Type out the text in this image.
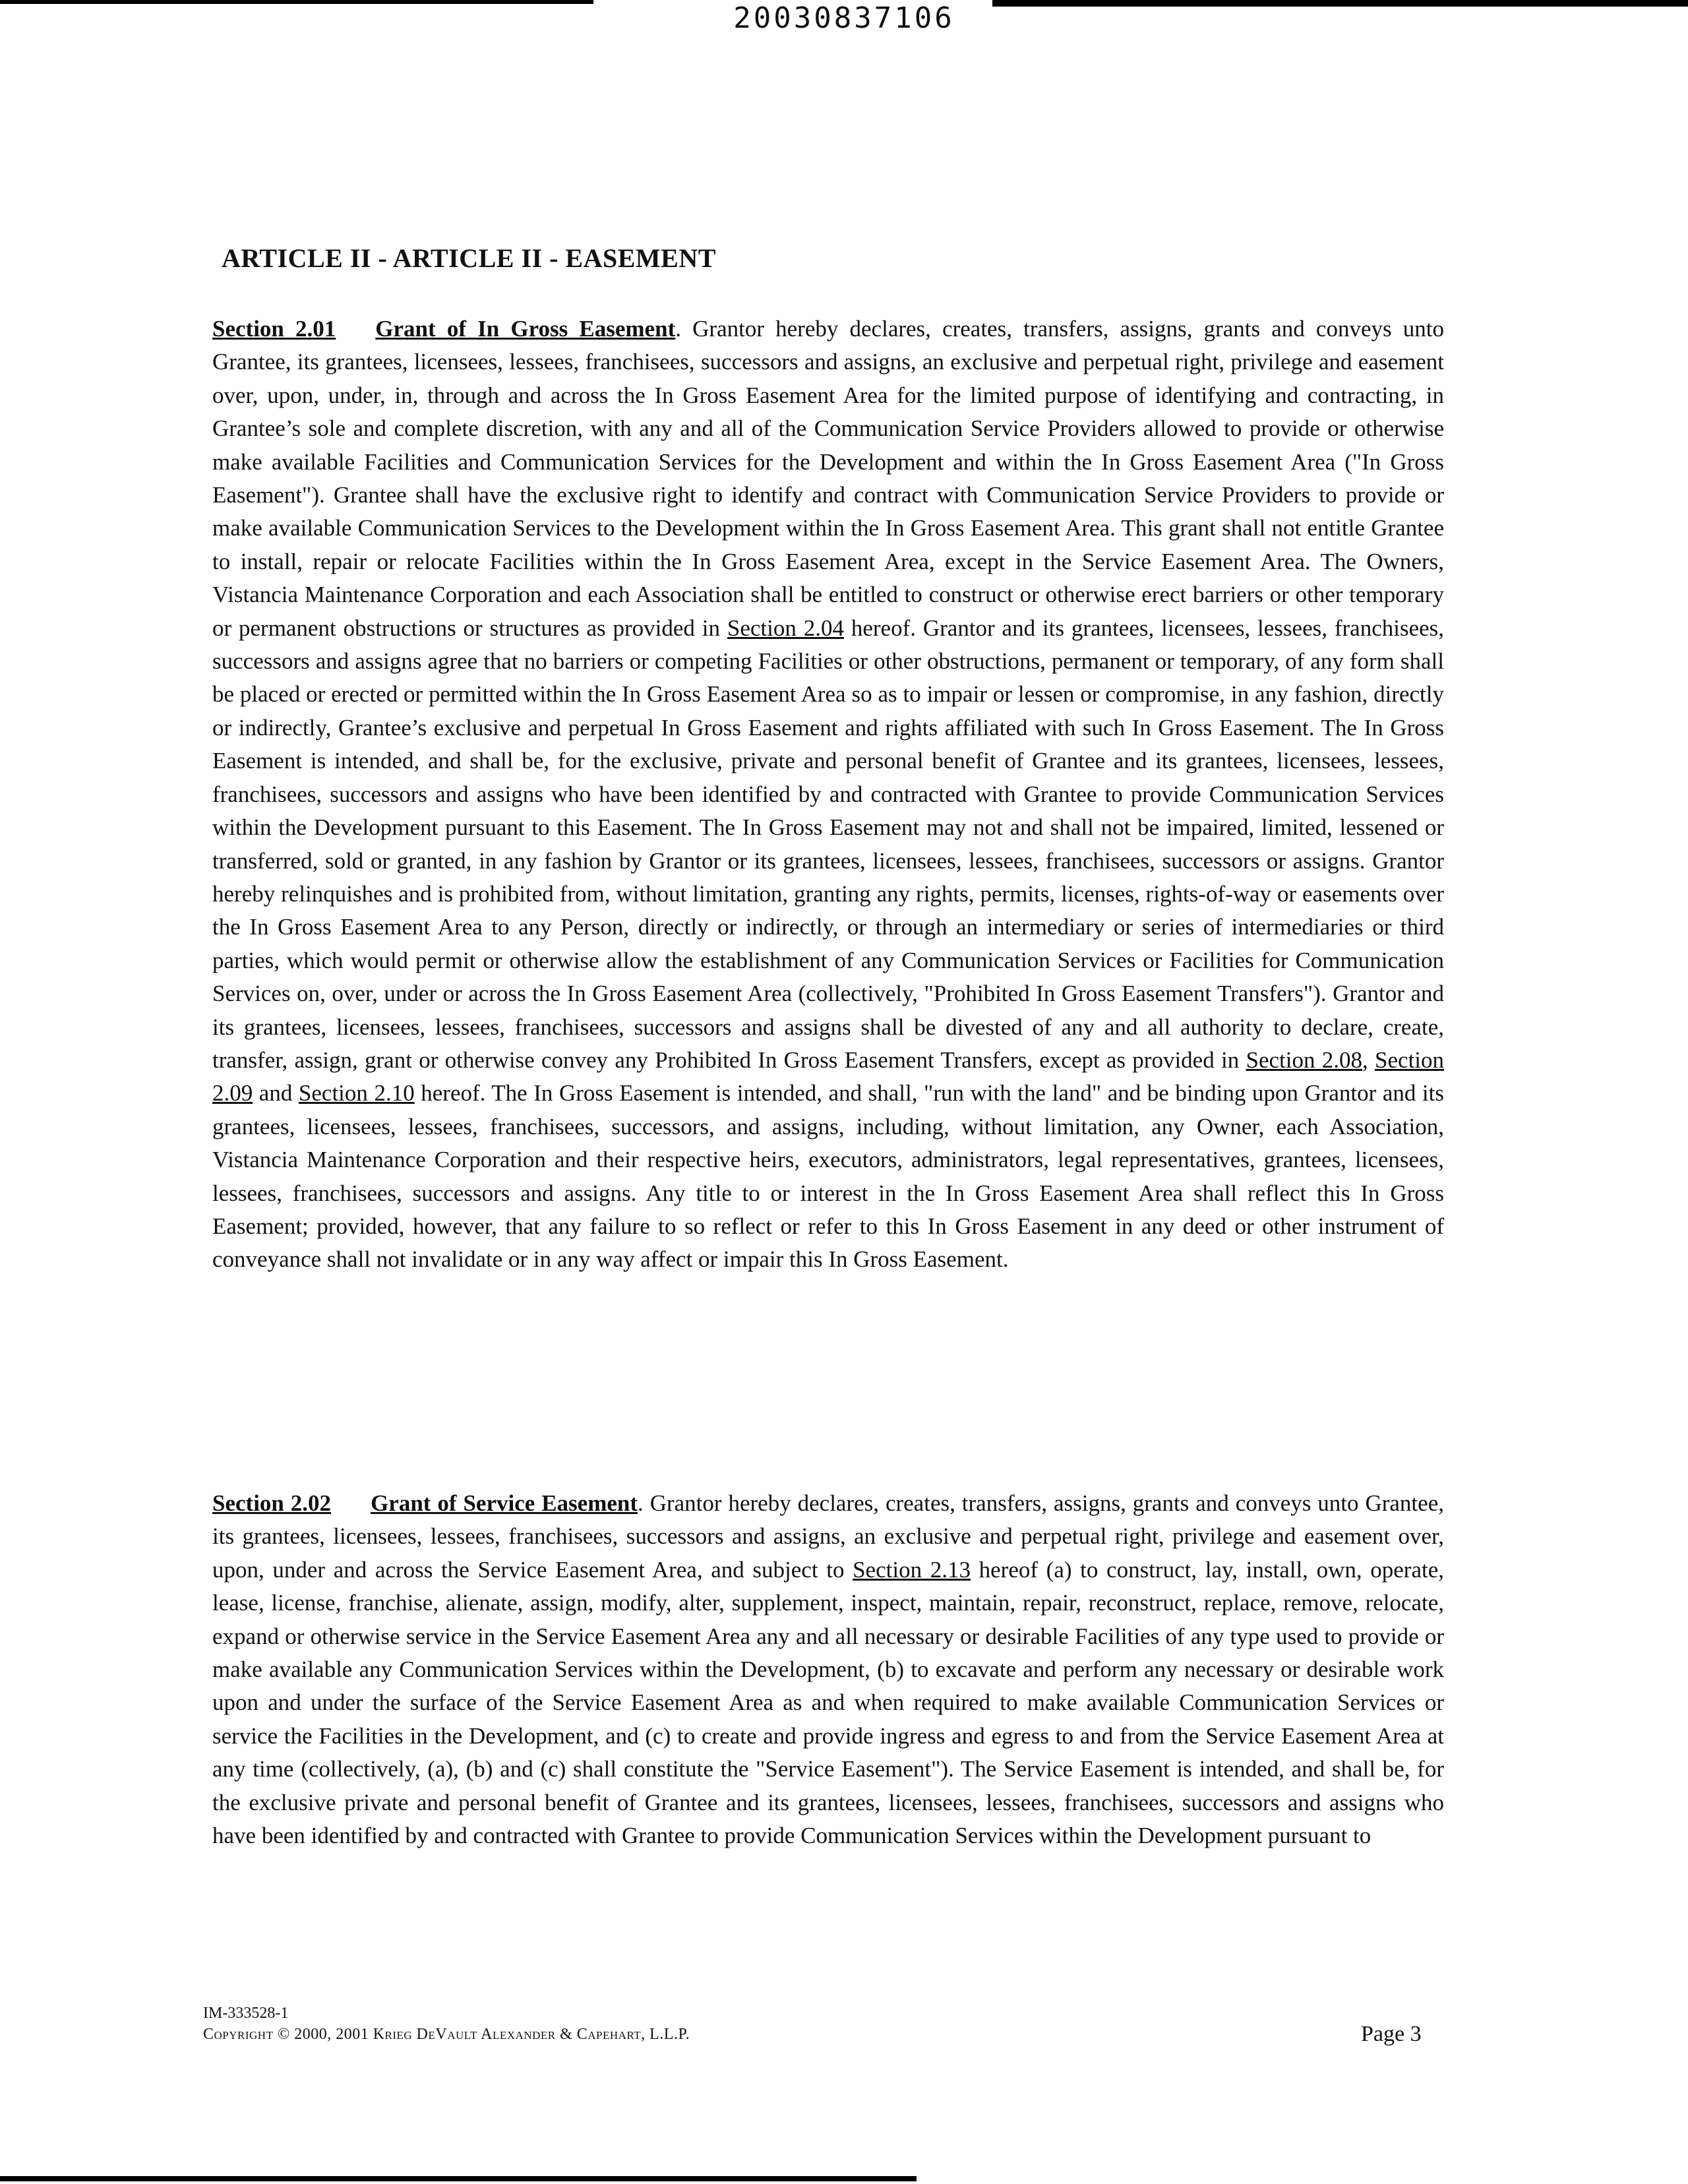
20030837106
ARTICLE II - ARTICLE II - EASEMENT

Section 2.01 Grant of In Gross Easement. Grantor hereby declares, creates, transfers, assigns, grants and conveys unto Grantee, its grantees, licensees, lessees, franchisees, successors and assigns, an exclusive and perpetual right, privilege and easement over, upon, under, in, through and across the In Gross Easement Area for the limited purpose of identifying and contracting, in Grantee’s sole and complete discretion, with any and all of the Communication Service Providers allowed to provide or otherwise make available Facilities and Communication Services for the Development and within the In Gross Easement Area ("In Gross Easement"). Grantee shall have the exclusive right to identify and contract with Communication Service Providers to provide or make available Communication Services to the Development within the In Gross Easement Area. This grant shall not entitle Grantee to install, repair or relocate Facilities within the In Gross Easement Area, except in the Service Easement Area. The Owners, Vistancia Maintenance Corporation and each Association shall be entitled to construct or otherwise erect barriers or other temporary or permanent obstructions or structures as provided in Section 2.04 hereof. Grantor and its grantees, licensees, lessees, franchisees, successors and assigns agree that no barriers or competing Facilities or other obstructions, permanent or temporary, of any form shall be placed or erected or permitted within the In Gross Easement Area so as to impair or lessen or compromise, in any fashion, directly or indirectly, Grantee’s exclusive and perpetual In Gross Easement and rights affiliated with such In Gross Easement. The In Gross Easement is intended, and shall be, for the exclusive, private and personal benefit of Grantee and its grantees, licensees, lessees, franchisees, successors and assigns who have been identified by and contracted with Grantee to provide Communication Services within the Development pursuant to this Easement. The In Gross Easement may not and shall not be impaired, limited, lessened or transferred, sold or granted, in any fashion by Grantor or its grantees, licensees, lessees, franchisees, successors or assigns. Grantor hereby relinquishes and is prohibited from, without limitation, granting any rights, permits, licenses, rights-of-way or easements over the In Gross Easement Area to any Person, directly or indirectly, or through an intermediary or series of intermediaries or third parties, which would permit or otherwise allow the establishment of any Communication Services or Facilities for Communication Services on, over, under or across the In Gross Easement Area (collectively, "Prohibited In Gross Easement Transfers"). Grantor and its grantees, licensees, lessees, franchisees, successors and assigns shall be divested of any and all authority to declare, create, transfer, assign, grant or otherwise convey any Prohibited In Gross Easement Transfers, except as provided in Section 2.08, Section 2.09 and Section 2.10 hereof. The In Gross Easement is intended, and shall, "run with the land" and be binding upon Grantor and its grantees, licensees, lessees, franchisees, successors, and assigns, including, without limitation, any Owner, each Association, Vistancia Maintenance Corporation and their respective heirs, executors, administrators, legal representatives, grantees, licensees, lessees, franchisees, successors and assigns. Any title to or interest in the In Gross Easement Area shall reflect this In Gross Easement; provided, however, that any failure to so reflect or refer to this In Gross Easement in any deed or other instrument of conveyance shall not invalidate or in any way affect or impair this In Gross Easement.

Section 2.02 Grant of Service Easement. Grantor hereby declares, creates, transfers, assigns, grants and conveys unto Grantee, its grantees, licensees, lessees, franchisees, successors and assigns, an exclusive and perpetual right, privilege and easement over, upon, under and across the Service Easement Area, and subject to Section 2.13 hereof (a) to construct, lay, install, own, operate, lease, license, franchise, alienate, assign, modify, alter, supplement, inspect, maintain, repair, reconstruct, replace, remove, relocate, expand or otherwise service in the Service Easement Area any and all necessary or desirable Facilities of any type used to provide or make available any Communication Services within the Development, (b) to excavate and perform any necessary or desirable work upon and under the surface of the Service Easement Area as and when required to make available Communication Services or service the Facilities in the Development, and (c) to create and provide ingress and egress to and from the Service Easement Area at any time (collectively, (a), (b) and (c) shall constitute the "Service Easement"). The Service Easement is intended, and shall be, for the exclusive private and personal benefit of Grantee and its grantees, licensees, lessees, franchisees, successors and assigns who have been identified by and contracted with Grantee to provide Communication Services within the Development pursuant to

IM-333528-1
Copyright © 2000, 2001 Krieg DeVault Alexander & Capehart, L.L.P.	Page 3
